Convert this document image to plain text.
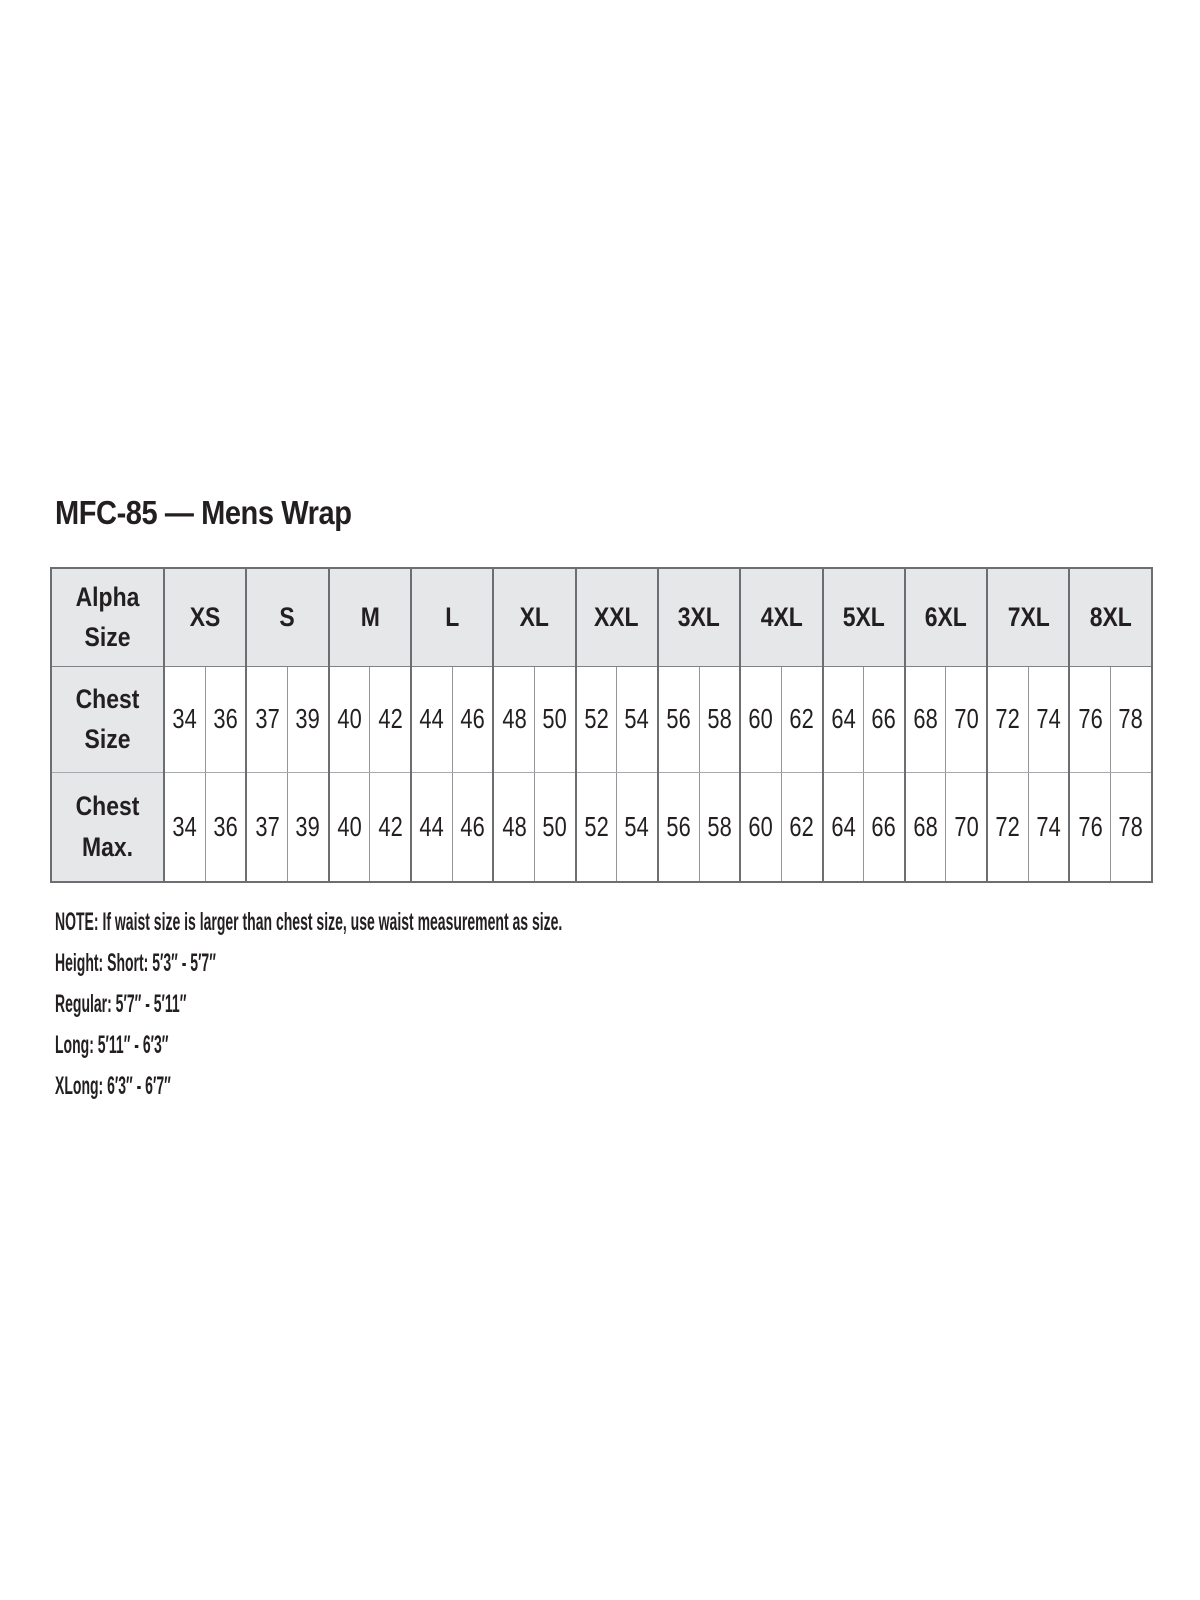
MFC-85 — Mens Wrap
Alpha Size	XS		S		M		L		XL		XXL		3XL		4XL		5XL		6XL		7XL		8XL	
Chest Size	34	36	37	39	40	42	44	46	48	50	52	54	56	58	60	62	64	66	68	70	72	74	76	78
Chest Max.	34	36	37	39	40	42	44	46	48	50	52	54	56	58	60	62	64	66	68	70	72	74	76	78

NOTE: If waist size is larger than chest size, use waist measurement as size.

Height: Short: 5′3″ - 5′7″

Regular: 5′7″ - 5′11″

Long: 5′11″ - 6′3″

XLong: 6′3″ - 6′7″
